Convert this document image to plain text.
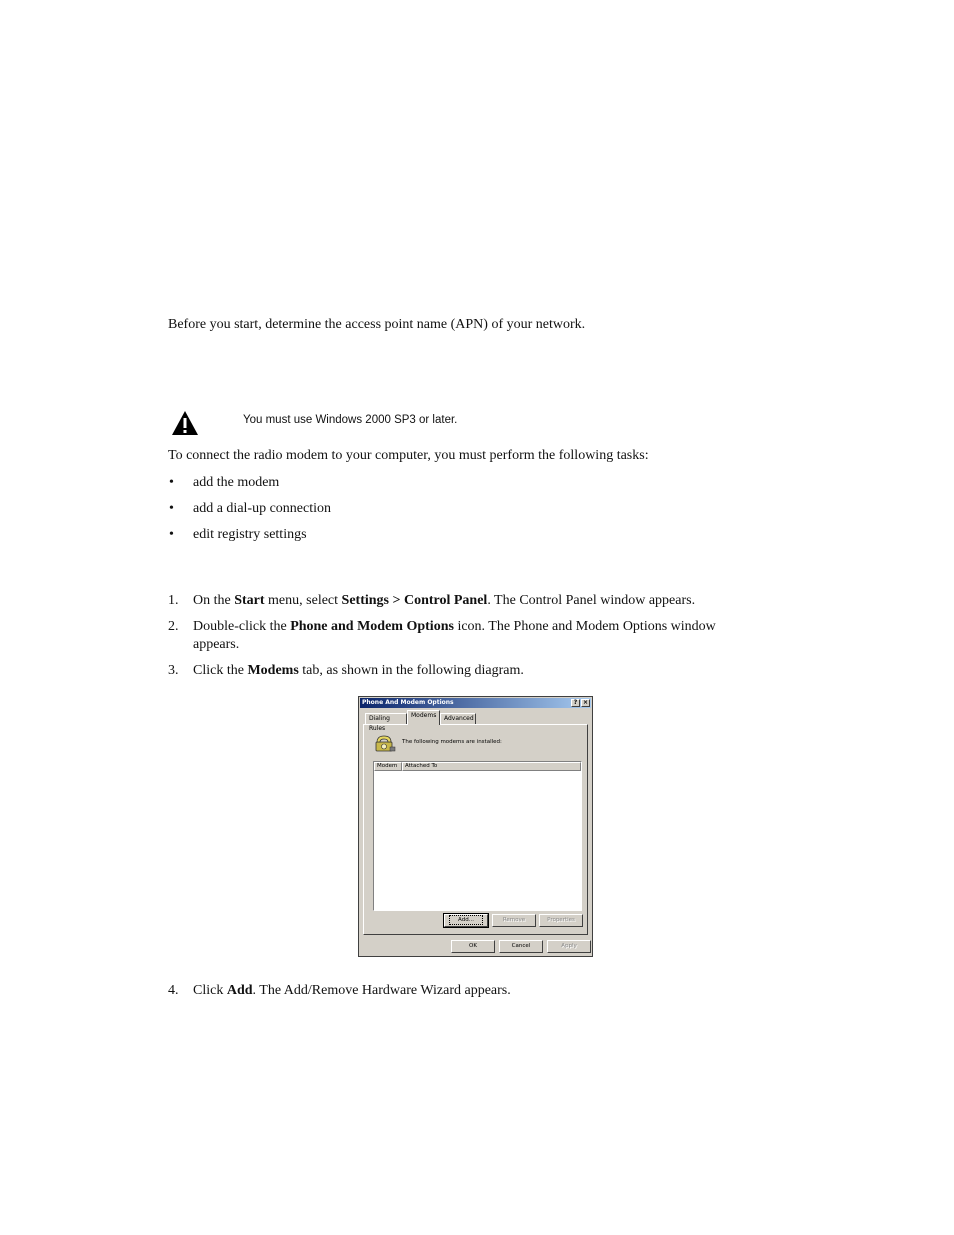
Before you start, determine the access point name (APN) of your network.
You must use Windows 2000 SP3 or later.
To connect the radio modem to your computer, you must perform the following tasks:
• add the modem
• add a dial-up connection
• edit registry settings
1. On the Start menu, select Settings > Control Panel. The Control Panel window appears.
2. Double-click the Phone and Modem Options icon. The Phone and Modem Options window
appears.
3. Click the Modems tab, as shown in the following diagram.
Phone And Modem Options	? ×
Dialing Rules
Modems	Advanced
The following modems are installed:
Modem	Attached To
Add...	Remove	Properties
OK	Cancel	Apply
4. Click Add. The Add/Remove Hardware Wizard appears.
